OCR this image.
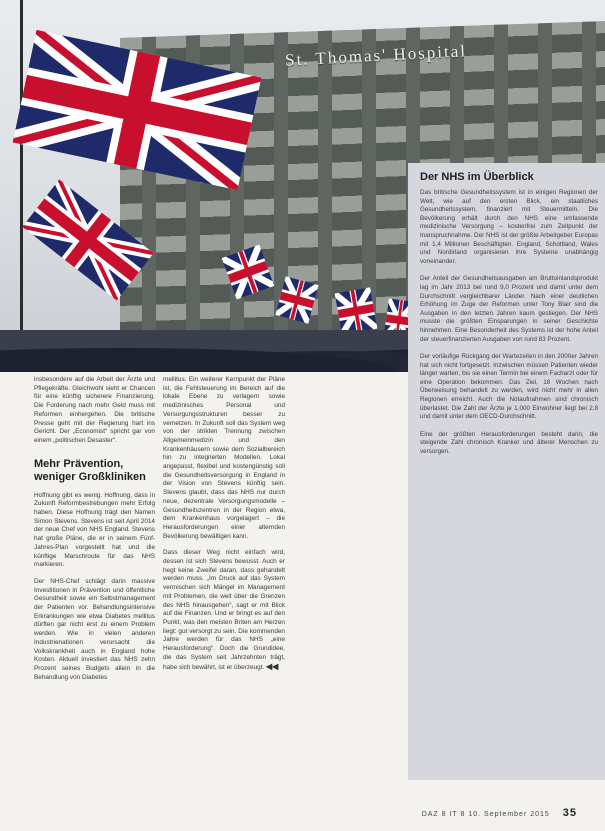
St. Thomas' Hospital
Der NHS im Überblick

Das britische Gesundheitssystem ist in einigen Regionen der Welt, wie auf den ersten Blick, ein staatliches Gesundheitssystem, finanziert mit Steuermitteln. Die Bevölkerung erhält durch den NHS eine umfassende medizinische Versorgung – kostenfrei zum Zeitpunkt der Inanspruchnahme. Der NHS ist der größte Arbeitgeber Europas mit 1,4 Millionen Beschäftigten. England, Schottland, Wales und Nordirland organisieren ihre Systeme unabhängig voneinander.

Der Anteil der Gesundheitsausgaben am Bruttoinlandsprodukt lag im Jahr 2013 bei rund 9,0 Prozent und damit unter dem Durchschnitt vergleichbarer Länder. Nach einer deutlichen Erhöhung im Zuge der Reformen unter Tony Blair sind die Ausgaben in den letzten Jahren kaum gestiegen. Der NHS musste die größten Einsparungen in seiner Geschichte hinnehmen. Eine Besonderheit des Systems ist der hohe Anteil der steuerfinanzierten Ausgaben von rund 83 Prozent.

Der vorläufige Rückgang der Wartezeiten in den 2000er Jahren hat sich nicht fortgesetzt. Inzwischen müssen Patienten wieder länger warten, bis sie einen Termin bei einem Facharzt oder für eine Operation bekommen. Das Ziel, 18 Wochen nach Überweisung behandelt zu werden, wird nicht mehr in allen Regionen erreicht. Auch die Notaufnahmen sind chronisch überlastet. Die Zahl der Ärzte je 1.000 Einwohner liegt bei 2,8 und damit unter dem OECD-Durchschnitt.

Eine der größten Herausforderungen besteht darin, die steigende Zahl chronisch Kranker und älterer Menschen zu versorgen.

insbesondere auf die Arbeit der Ärzte und Pflegekräfte. Gleichwohl sieht er Chancen für eine künftig sicherere Finanzierung. Die Forderung nach mehr Geld muss mit Reformen einhergehen. Die britische Presse geht mit der Regierung hart ins Gericht. Der „Economist“ spricht gar von einem „politischen Desaster“.

Mehr Prävention,
weniger Großkliniken

Hoffnung gibt es wenig. Hoffnung, dass in Zukunft Reformbestrebungen mehr Erfolg haben. Diese Hoffnung trägt den Namen Simon Stevens. Stevens ist seit April 2014 der neue Chef von NHS England. Stevens hat große Pläne, die er in seinem Fünf-Jahres-Plan vorgestellt hat und die künftige Marschroute für das NHS markieren.

Der NHS-Chef schlägt darin massive Investitionen in Prävention und öffentliche Gesundheit sowie ein Selbstmanagement der Patienten vor. Behandlungsintensive Erkrankungen wie etwa Diabetes mellitus dürften gar nicht erst zu einem Problem werden. Wie in vielen anderen Industrienationen verursacht die Volkskrankheit auch in England hohe Kosten. Aktuell investiert das NHS zehn Prozent seines Budgets allein in die Behandlung von Diabetes

mellitus. Ein weiterer Kernpunkt der Pläne ist, die Fehlsteuerung im Bereich auf die lokale Ebene zu verlagern sowie medizinisches Personal und Versorgungsstrukturen besser zu vernetzen. In Zukunft soll das System weg von der strikten Trennung zwischen Allgemeinmedizin und den Krankenhäusern sowie dem Sozialbereich hin zu integrierten Modellen. Lokal angepasst, flexibel und kostengünstig soll die Gesundheitsversorgung in England in der Vision von Stevens künftig sein. Stevens glaubt, dass das NHS nur durch neue, dezentrale Versorgungsmodelle – Gesundheitszentren in der Region etwa, dem Krankenhaus vorgelagert – die Herausforderungen einer alternden Bevölkerung bewältigen kann.

Dass dieser Weg nicht einfach wird, dessen ist sich Stevens bewusst. Auch er hegt keine Zweifel daran, dass gehandelt werden muss. „Im Druck auf das System vermischen sich Mängel im Management mit Problemen, die weit über die Grenzen des NHS hinausgehen“, sagt er mit Blick auf die Finanzen. Und er bringt es auf den Punkt, was den meisten Briten am Herzen liegt: gut versorgt zu sein. Die kommenden Jahre werden für das NHS „eine Herausforderung“. Doch die Grundidee, die das System seit Jahrzehnten trägt, habe sich bewährt, ist er überzeugt. ◀◀

DAZ 8 IT 8 10. September 2015 35
